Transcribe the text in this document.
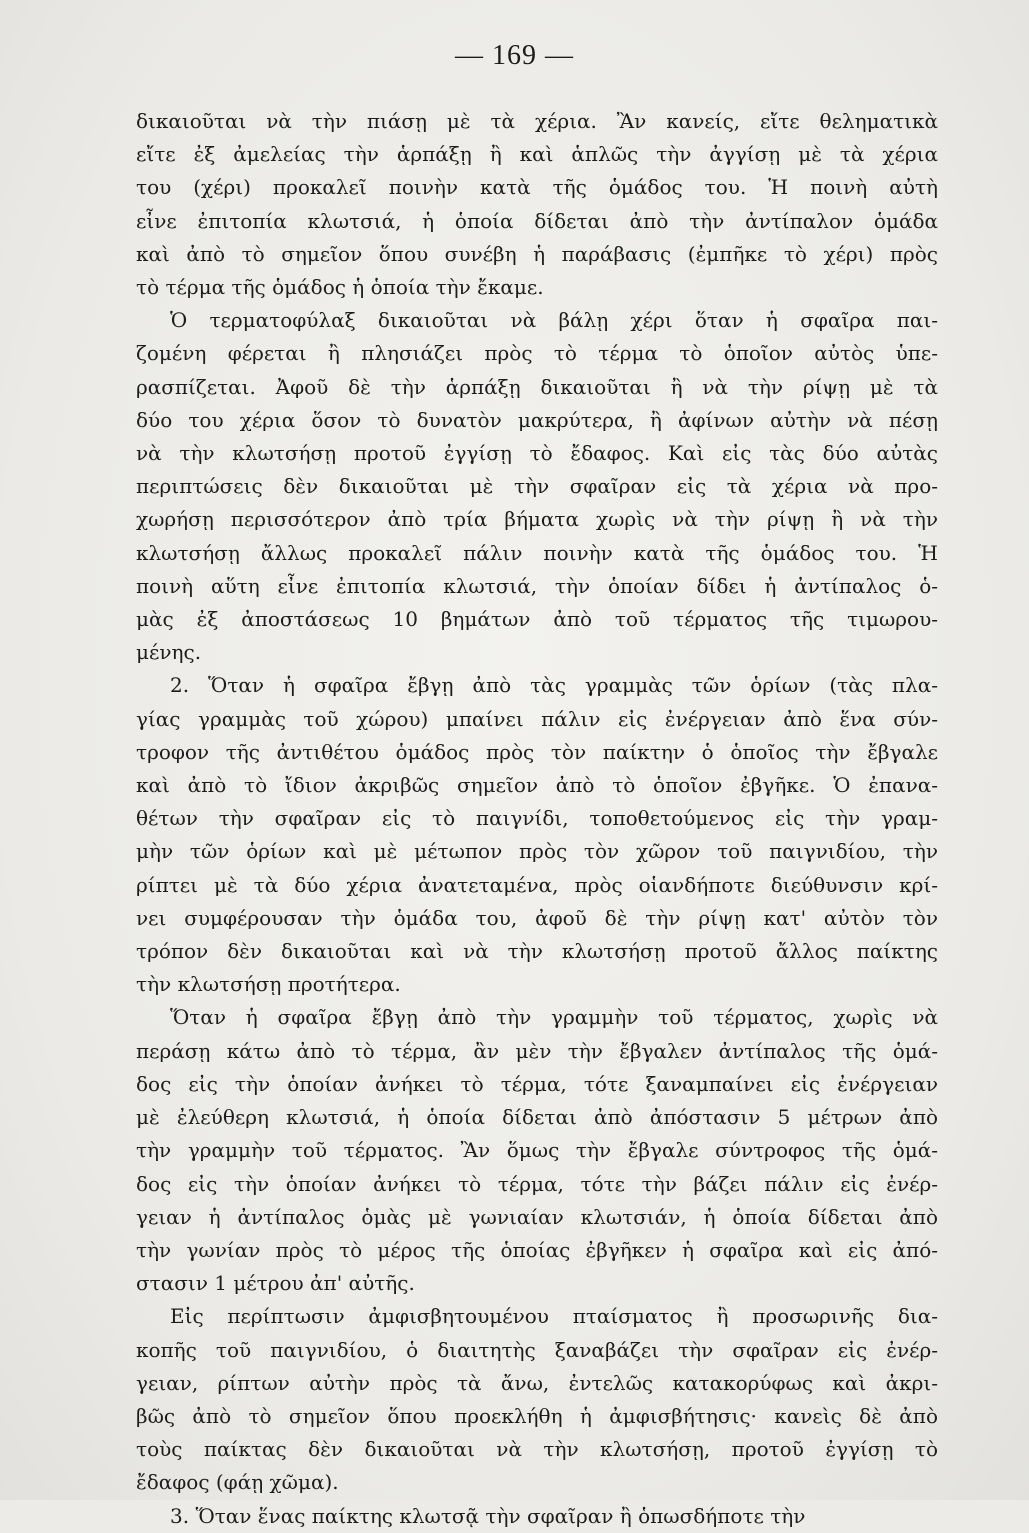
— 169 —
δικαιοῦται νὰ τὴν πιάσῃ μὲ τὰ χέρια. Ἂν κανείς, εἴτε θεληματικὰ
εἴτε ἐξ ἀμελείας τὴν ἁρπάξῃ ἢ καὶ ἁπλῶς τὴν ἀγγίσῃ μὲ τὰ χέρια
του (χέρι) προκαλεῖ ποινὴν κατὰ τῆς ὁμάδος του. Ἡ ποινὴ αὐτὴ
εἶνε ἐπιτοπία κλωτσιά, ἡ ὁποία δίδεται ἀπὸ τὴν ἀντίπαλον ὁμάδα
καὶ ἀπὸ τὸ σημεῖον ὅπου συνέβη ἡ παράβασις (ἐμπῆκε τὸ χέρι) πρὸς
τὸ τέρμα τῆς ὁμάδος ἡ ὁποία τὴν ἔκαμε.
Ὁ τερματοφύλαξ δικαιοῦται νὰ βάλῃ χέρι ὅταν ἡ σφαῖρα παι-
ζομένη φέρεται ἢ πλησιάζει πρὸς τὸ τέρμα τὸ ὁποῖον αὐτὸς ὑπε-
ρασπίζεται. Ἀφοῦ δὲ τὴν ἁρπάξῃ δικαιοῦται ἢ νὰ τὴν ρίψῃ μὲ τὰ
δύο του χέρια ὅσον τὸ δυνατὸν μακρύτερα, ἢ ἀφίνων αὐτὴν νὰ πέσῃ
νὰ τὴν κλωτσήσῃ προτοῦ ἐγγίσῃ τὸ ἔδαφος. Καὶ εἰς τὰς δύο αὐτὰς
περιπτώσεις δὲν δικαιοῦται μὲ τὴν σφαῖραν εἰς τὰ χέρια νὰ προ-
χωρήσῃ περισσότερον ἀπὸ τρία βήματα χωρὶς νὰ τὴν ρίψῃ ἢ νὰ τὴν
κλωτσήσῃ ἄλλως προκαλεῖ πάλιν ποινὴν κατὰ τῆς ὁμάδος του. Ἡ
ποινὴ αὕτη εἶνε ἐπιτοπία κλωτσιά, τὴν ὁποίαν δίδει ἡ ἀντίπαλος ὁ-
μὰς ἐξ ἀποστάσεως 10 βημάτων ἀπὸ τοῦ τέρματος τῆς τιμωρου-
μένης.
2. Ὅταν ἡ σφαῖρα ἔβγῃ ἀπὸ τὰς γραμμὰς τῶν ὁρίων (τὰς πλα-
γίας γραμμὰς τοῦ χώρου) μπαίνει πάλιν εἰς ἐνέργειαν ἀπὸ ἕνα σύν-
τροφον τῆς ἀντιθέτου ὁμάδος πρὸς τὸν παίκτην ὁ ὁποῖος τὴν ἔβγαλε
καὶ ἀπὸ τὸ ἴδιον ἀκριβῶς σημεῖον ἀπὸ τὸ ὁποῖον ἐβγῆκε. Ὁ ἐπανα-
θέτων τὴν σφαῖραν εἰς τὸ παιγνίδι, τοποθετούμενος εἰς τὴν γραμ-
μὴν τῶν ὁρίων καὶ μὲ μέτωπον πρὸς τὸν χῶρον τοῦ παιγνιδίου, τὴν
ρίπτει μὲ τὰ δύο χέρια ἀνατεταμένα, πρὸς οἱανδήποτε διεύθυνσιν κρί-
νει συμφέρουσαν τὴν ὁμάδα του, ἀφοῦ δὲ τὴν ρίψῃ κατ' αὐτὸν τὸν
τρόπον δὲν δικαιοῦται καὶ νὰ τὴν κλωτσήσῃ προτοῦ ἄλλος παίκτης
τὴν κλωτσήσῃ προτήτερα.
Ὅταν ἡ σφαῖρα ἔβγῃ ἀπὸ τὴν γραμμὴν τοῦ τέρματος, χωρὶς νὰ
περάσῃ κάτω ἀπὸ τὸ τέρμα, ἂν μὲν τὴν ἔβγαλεν ἀντίπαλος τῆς ὁμά-
δος εἰς τὴν ὁποίαν ἀνήκει τὸ τέρμα, τότε ξαναμπαίνει εἰς ἐνέργειαν
μὲ ἐλεύθερη κλωτσιά, ἡ ὁποία δίδεται ἀπὸ ἀπόστασιν 5 μέτρων ἀπὸ
τὴν γραμμὴν τοῦ τέρματος. Ἂν ὅμως τὴν ἔβγαλε σύντροφος τῆς ὁμά-
δος εἰς τὴν ὁποίαν ἀνήκει τὸ τέρμα, τότε τὴν βάζει πάλιν εἰς ἐνέρ-
γειαν ἡ ἀντίπαλος ὁμὰς μὲ γωνιαίαν κλωτσιάν, ἡ ὁποία δίδεται ἀπὸ
τὴν γωνίαν πρὸς τὸ μέρος τῆς ὁποίας ἐβγῆκεν ἡ σφαῖρα καὶ εἰς ἀπό-
στασιν 1 μέτρου ἀπ' αὐτῆς.
Εἰς περίπτωσιν ἀμφισβητουμένου πταίσματος ἢ προσωρινῆς δια-
κοπῆς τοῦ παιγνιδίου, ὁ διαιτητὴς ξαναβάζει τὴν σφαῖραν εἰς ἐνέρ-
γειαν, ρίπτων αὐτὴν πρὸς τὰ ἄνω, ἐντελῶς κατακορύφως καὶ ἀκρι-
βῶς ἀπὸ τὸ σημεῖον ὅπου προεκλήθη ἡ ἀμφισβήτησις· κανεὶς δὲ ἀπὸ
τοὺς παίκτας δὲν δικαιοῦται νὰ τὴν κλωτσήσῃ, προτοῦ ἐγγίσῃ τὸ
ἔδαφος (φάῃ χῶμα).
3. Ὅταν ἕνας παίκτης κλωτσᾷ τὴν σφαῖραν ἢ ὁπωσδήποτε τὴν
